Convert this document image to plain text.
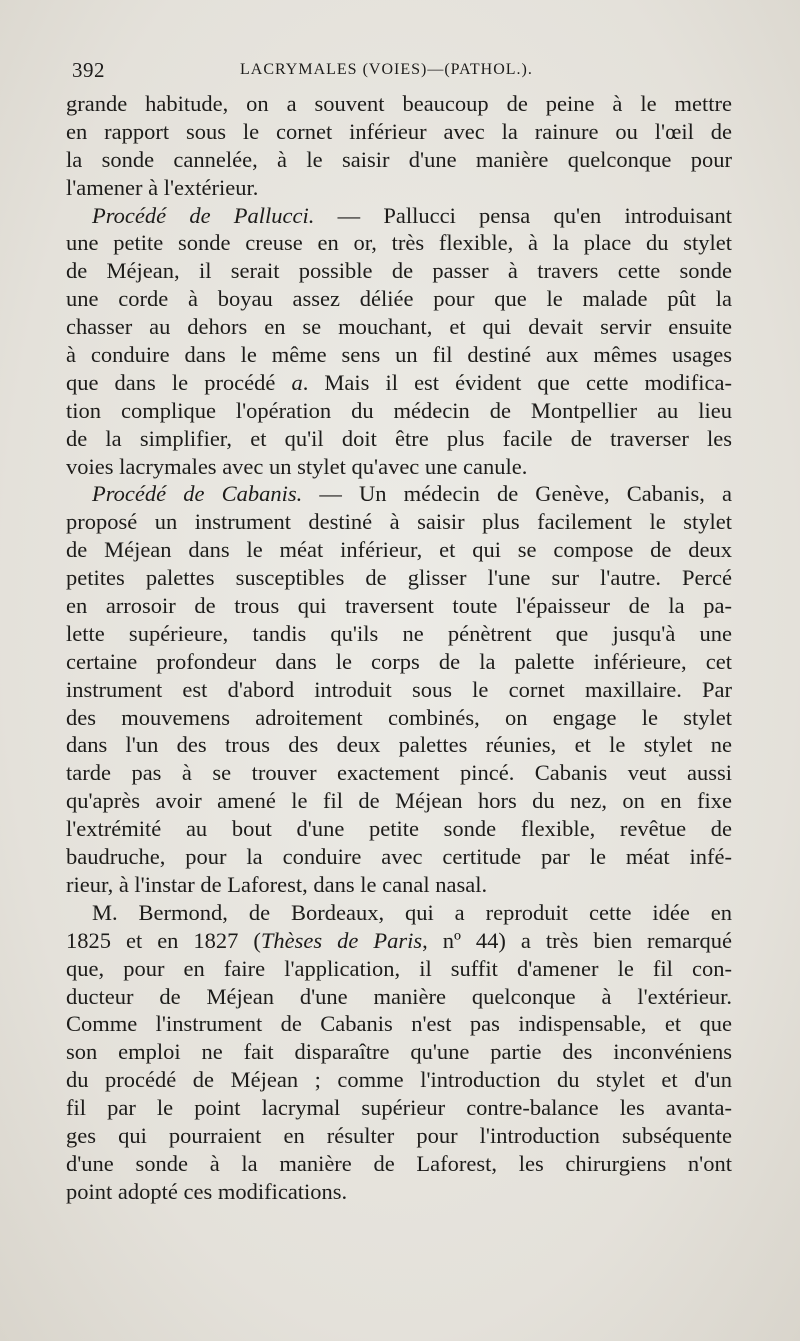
392	LACRYMALES (VOIES)—(PATHOL.).
grande habitude, on a souvent beaucoup de peine à le mettre
en rapport sous le cornet inférieur avec la rainure ou l'œil de
la sonde cannelée, à le saisir d'une manière quelconque pour
l'amener à l'extérieur.
Procédé de Pallucci. — Pallucci pensa qu'en introduisant
une petite sonde creuse en or, très flexible, à la place du stylet
de Méjean, il serait possible de passer à travers cette sonde
une corde à boyau assez déliée pour que le malade pût la
chasser au dehors en se mouchant, et qui devait servir ensuite
à conduire dans le même sens un fil destiné aux mêmes usages
que dans le procédé a. Mais il est évident que cette modifica-
tion complique l'opération du médecin de Montpellier au lieu
de la simplifier, et qu'il doit être plus facile de traverser les
voies lacrymales avec un stylet qu'avec une canule.
Procédé de Cabanis. — Un médecin de Genève, Cabanis, a
proposé un instrument destiné à saisir plus facilement le stylet
de Méjean dans le méat inférieur, et qui se compose de deux
petites palettes susceptibles de glisser l'une sur l'autre. Percé
en arrosoir de trous qui traversent toute l'épaisseur de la pa-
lette supérieure, tandis qu'ils ne pénètrent que jusqu'à une
certaine profondeur dans le corps de la palette inférieure, cet
instrument est d'abord introduit sous le cornet maxillaire. Par
des mouvemens adroitement combinés, on engage le stylet
dans l'un des trous des deux palettes réunies, et le stylet ne
tarde pas à se trouver exactement pincé. Cabanis veut aussi
qu'après avoir amené le fil de Méjean hors du nez, on en fixe
l'extrémité au bout d'une petite sonde flexible, revêtue de
baudruche, pour la conduire avec certitude par le méat infé-
rieur, à l'instar de Laforest, dans le canal nasal.
M. Bermond, de Bordeaux, qui a reproduit cette idée en
1825 et en 1827 (Thèses de Paris, nº 44) a très bien remarqué
que, pour en faire l'application, il suffit d'amener le fil con-
ducteur de Méjean d'une manière quelconque à l'extérieur.
Comme l'instrument de Cabanis n'est pas indispensable, et que
son emploi ne fait disparaître qu'une partie des inconvéniens
du procédé de Méjean ; comme l'introduction du stylet et d'un
fil par le point lacrymal supérieur contre-balance les avanta-
ges qui pourraient en résulter pour l'introduction subséquente
d'une sonde à la manière de Laforest, les chirurgiens n'ont
point adopté ces modifications.
